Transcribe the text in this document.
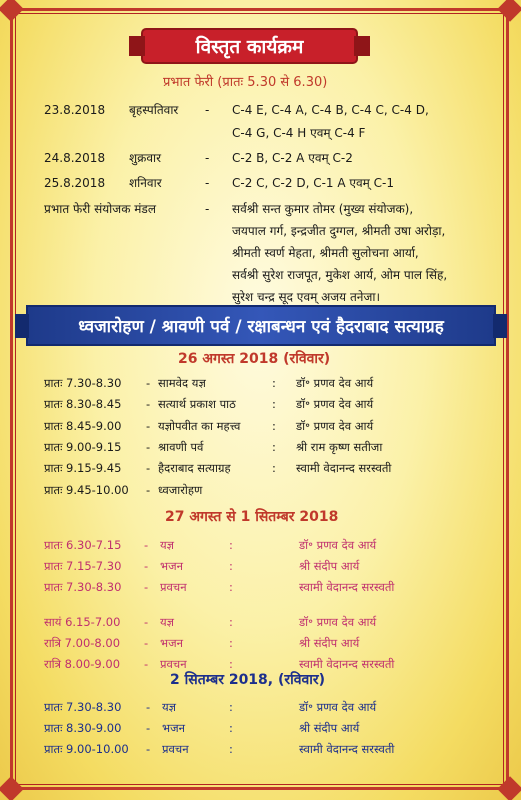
विस्तृत कार्यक्रम
प्रभात फेरी (प्रातः 5.30 से 6.30)
23.8.2018 बृहस्पतिवार - C-4 E, C-4 A, C-4 B, C-4 C, C-4 D,
C-4 G, C-4 H एवम् C-4 F
24.8.2018 शुक्रवार	- C-2 B, C-2 A एवम् C-2
25.8.2018 शनिवार	- C-2 C, C-2 D, C-1 A एवम् C-1
प्रभात फेरी संयोजक मंडल	- सर्वश्री सन्त कुमार तोमर (मुख्य संयोजक),
जयपाल गर्ग, इन्द्रजीत दुग्गल, श्रीमती उषा अरोड़ा,
श्रीमती स्वर्ण मेहता, श्रीमती सुलोचना आर्या,
सर्वश्री सुरेश राजपूत, मुकेश आर्य, ओम पाल सिंह,
सुरेश चन्द्र सूद एवम् अजय तनेजा।
ध्वजारोहण / श्रावणी पर्व / रक्षाबन्धन एवं हैदराबाद सत्याग्रह
26 अगस्त 2018 (रविवार)
प्रातः 7.30-8.30 - सामवेद यज्ञ	: डॉ॰ प्रणव देव आर्य
प्रातः 8.30-8.45 - सत्यार्थ प्रकाश पाठ	: डॉ॰ प्रणव देव आर्य
प्रातः 8.45-9.00 - यज्ञोपवीत का महत्त्व	: डॉ॰ प्रणव देव आर्य
प्रातः 9.00-9.15 - श्रावणी पर्व	: श्री राम कृष्ण सतीजा
प्रातः 9.15-9.45 - हैदराबाद सत्याग्रह	: स्वामी वेदानन्द सरस्वती
प्रातः 9.45-10.00 - ध्वजारोहण
27 अगस्त से 1 सितम्बर 2018
प्रातः 6.30-7.15 - यज्ञ	:	डॉ॰ प्रणव देव आर्य
प्रातः 7.15-7.30 - भजन	:	श्री संदीप आर्य
प्रातः 7.30-8.30 - प्रवचन	:	स्वामी वेदानन्द सरस्वती
सायं 6.15-7.00 - यज्ञ	:	डॉ॰ प्रणव देव आर्य
रात्रि 7.00-8.00 - भजन	:	श्री संदीप आर्य
रात्रि 8.00-9.00 - प्रवचन	:	स्वामी वेदानन्द सरस्वती
2 सितम्बर 2018, (रविवार)
प्रातः 7.30-8.30 - यज्ञ	:	डॉ॰ प्रणव देव आर्य
प्रातः 8.30-9.00 - भजन	:	श्री संदीप आर्य
प्रातः 9.00-10.00 - प्रवचन	:	स्वामी वेदानन्द सरस्वती
